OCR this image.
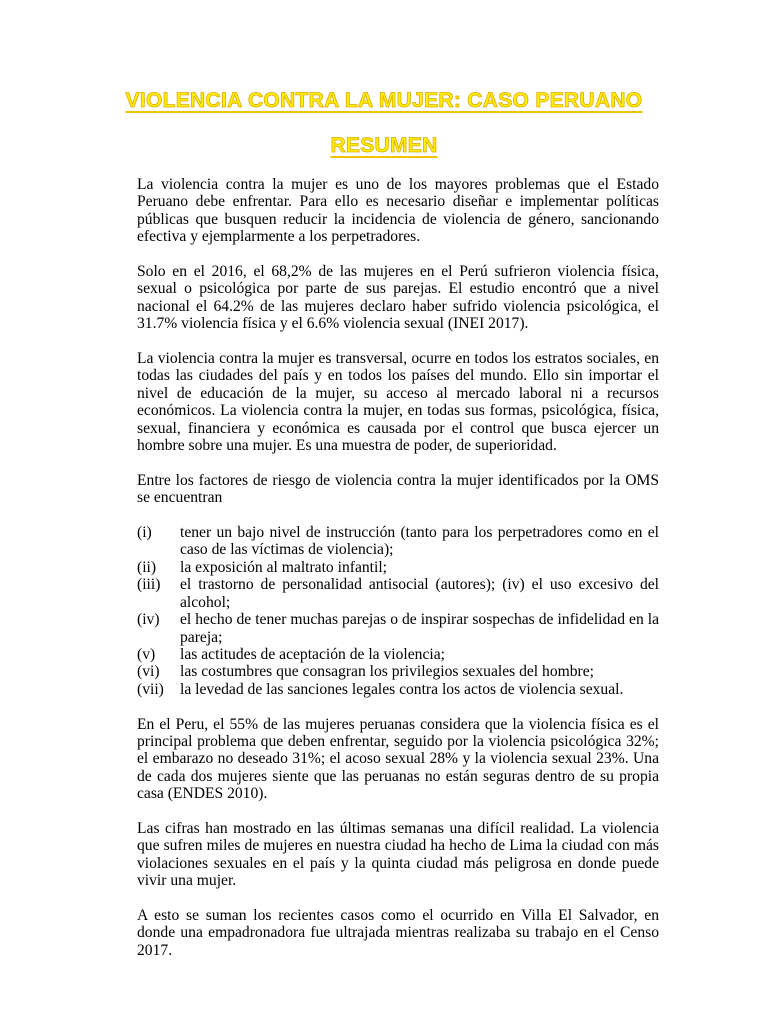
VIOLENCIA CONTRA LA MUJER: CASO PERUANO
RESUMEN

La violencia contra la mujer es uno de los mayores problemas que el Estado Peruano debe enfrentar. Para ello es necesario diseñar e implementar políticas públicas que busquen reducir la incidencia de violencia de género, sancionando efectiva y ejemplarmente a los perpetradores.

Solo en el 2016, el 68,2% de las mujeres en el Perú sufrieron violencia física, sexual o psicológica por parte de sus parejas. El estudio encontró que a nivel nacional el 64.2% de las mujeres declaro haber sufrido violencia psicológica, el 31.7% violencia física y el 6.6% violencia sexual (INEI 2017).

La violencia contra la mujer es transversal, ocurre en todos los estratos sociales, en todas las ciudades del país y en todos los países del mundo. Ello sin importar el nivel de educación de la mujer, su acceso al mercado laboral ni a recursos económicos. La violencia contra la mujer, en todas sus formas, psicológica, física, sexual, financiera y económica es causada por el control que busca ejercer un hombre sobre una mujer. Es una muestra de poder, de superioridad.

Entre los factores de riesgo de violencia contra la mujer identificados por la OMS se encuentran

(i)	tener un bajo nivel de instrucción (tanto para los perpetradores como en el caso de las víctimas de violencia);
(ii)	la exposición al maltrato infantil;
(iii)	el trastorno de personalidad antisocial (autores); (iv) el uso excesivo del alcohol;
(iv)	el hecho de tener muchas parejas o de inspirar sospechas de infidelidad en la pareja;
(v)	las actitudes de aceptación de la violencia;
(vi)	las costumbres que consagran los privilegios sexuales del hombre;
(vii)	la levedad de las sanciones legales contra los actos de violencia sexual.

En el Peru, el 55% de las mujeres peruanas considera que la violencia física es el principal problema que deben enfrentar, seguido por la violencia psicológica 32%; el embarazo no deseado 31%; el acoso sexual 28% y la violencia sexual 23%. Una de cada dos mujeres siente que las peruanas no están seguras dentro de su propia casa (ENDES 2010).

Las cifras han mostrado en las últimas semanas una difícil realidad. La violencia que sufren miles de mujeres en nuestra ciudad ha hecho de Lima la ciudad con más violaciones sexuales en el país y la quinta ciudad más peligrosa en donde puede vivir una mujer.

A esto se suman los recientes casos como el ocurrido en Villa El Salvador, en donde una empadronadora fue ultrajada mientras realizaba su trabajo en el Censo 2017.
